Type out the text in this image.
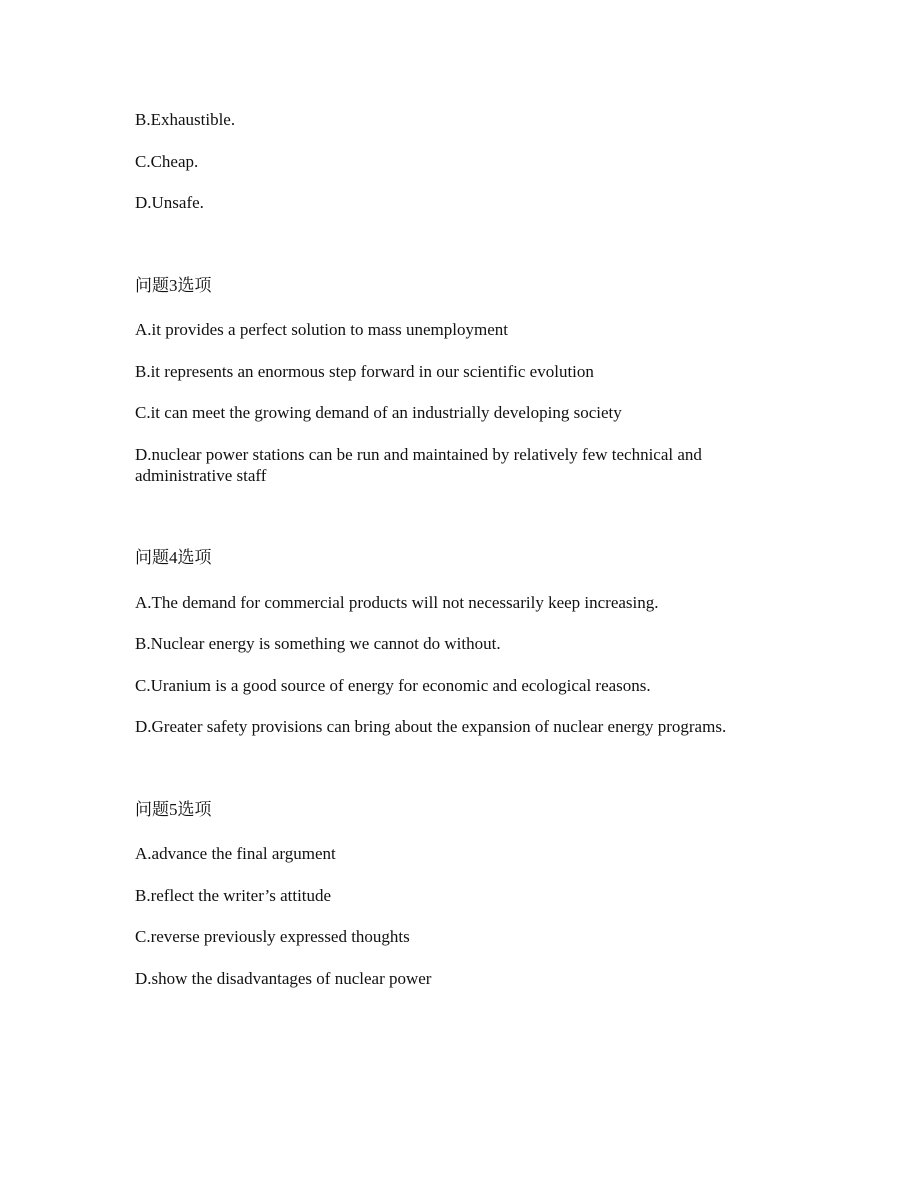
B.Exhaustible.
C.Cheap.
D.Unsafe.
问题3选项
A.it provides a perfect solution to mass unemployment
B.it represents an enormous step forward in our scientific evolution
C.it can meet the growing demand of an industrially developing society
D.nuclear power stations can be run and maintained by relatively few technical and administrative staff
问题4选项
A.The demand for commercial products will not necessarily keep increasing.
B.Nuclear energy is something we cannot do without.
C.Uranium is a good source of energy for economic and ecological reasons.
D.Greater safety provisions can bring about the expansion of nuclear energy programs.
问题5选项
A.advance the final argument
B.reflect the writer’s attitude
C.reverse previously expressed thoughts
D.show the disadvantages of nuclear power
